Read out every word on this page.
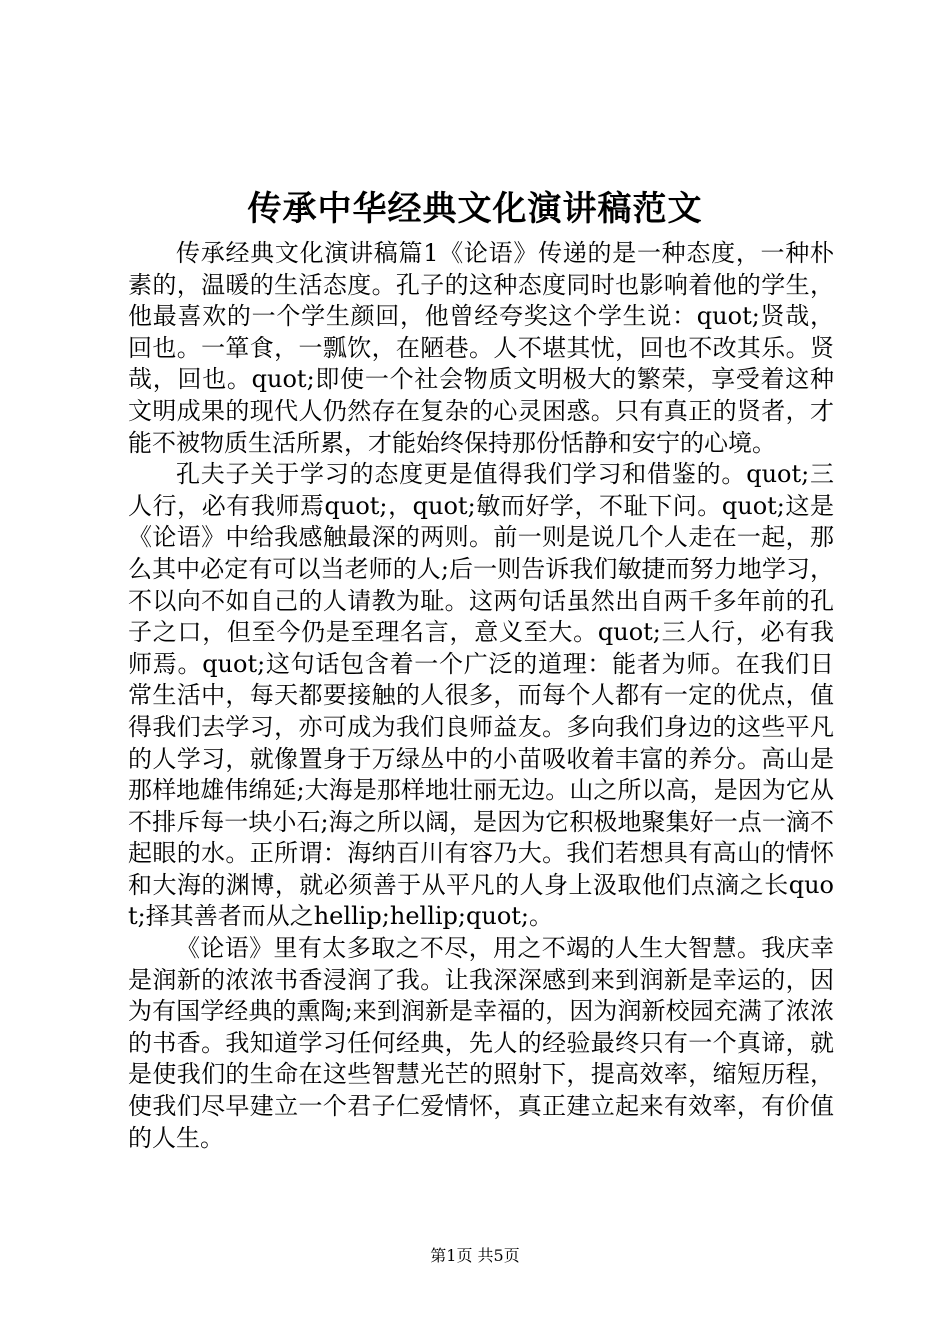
传承中华经典文化演讲稿范文

传承经典文化演讲稿篇1《论语》传递的是一种态度，一种朴素的，温暖的生活态度。孔子的这种态度同时也影响着他的学生，他最喜欢的一个学生颜回，他曾经夸奖这个学生说：quot;贤哉，回也。一箪食，一瓢饮，在陋巷。人不堪其忧，回也不改其乐。贤哉，回也。quot;即使一个社会物质文明极大的繁荣，享受着这种文明成果的现代人仍然存在复杂的心灵困惑。只有真正的贤者，才能不被物质生活所累，才能始终保持那份恬静和安宁的心境。

孔夫子关于学习的态度更是值得我们学习和借鉴的。quot;三人行，必有我师焉quot;，quot;敏而好学，不耻下问。quot;这是《论语》中给我感触最深的两则。前一则是说几个人走在一起，那么其中必定有可以当老师的人;后一则告诉我们敏捷而努力地学习，不以向不如自己的人请教为耻。这两句话虽然出自两千多年前的孔子之口，但至今仍是至理名言，意义至大。quot;三人行，必有我师焉。quot;这句话包含着一个广泛的道理：能者为师。在我们日常生活中，每天都要接触的人很多，而每个人都有一定的优点，值得我们去学习，亦可成为我们良师益友。多向我们身边的这些平凡的人学习，就像置身于万绿丛中的小苗吸收着丰富的养分。高山是那样地雄伟绵延;大海是那样地壮丽无边。山之所以高，是因为它从不排斥每一块小石;海之所以阔，是因为它积极地聚集好一点一滴不起眼的水。正所谓：海纳百川有容乃大。我们若想具有高山的情怀和大海的渊博，就必须善于从平凡的人身上汲取他们点滴之长quot;择其善者而从之hellip;hellip;quot;。

《论语》里有太多取之不尽，用之不竭的人生大智慧。我庆幸是润新的浓浓书香浸润了我。让我深深感到来到润新是幸运的，因为有国学经典的熏陶;来到润新是幸福的，因为润新校园充满了浓浓的书香。我知道学习任何经典，先人的经验最终只有一个真谛，就是使我们的生命在这些智慧光芒的照射下，提高效率，缩短历程，使我们尽早建立一个君子仁爱情怀，真正建立起来有效率，有价值的人生。

第1页 共5页
